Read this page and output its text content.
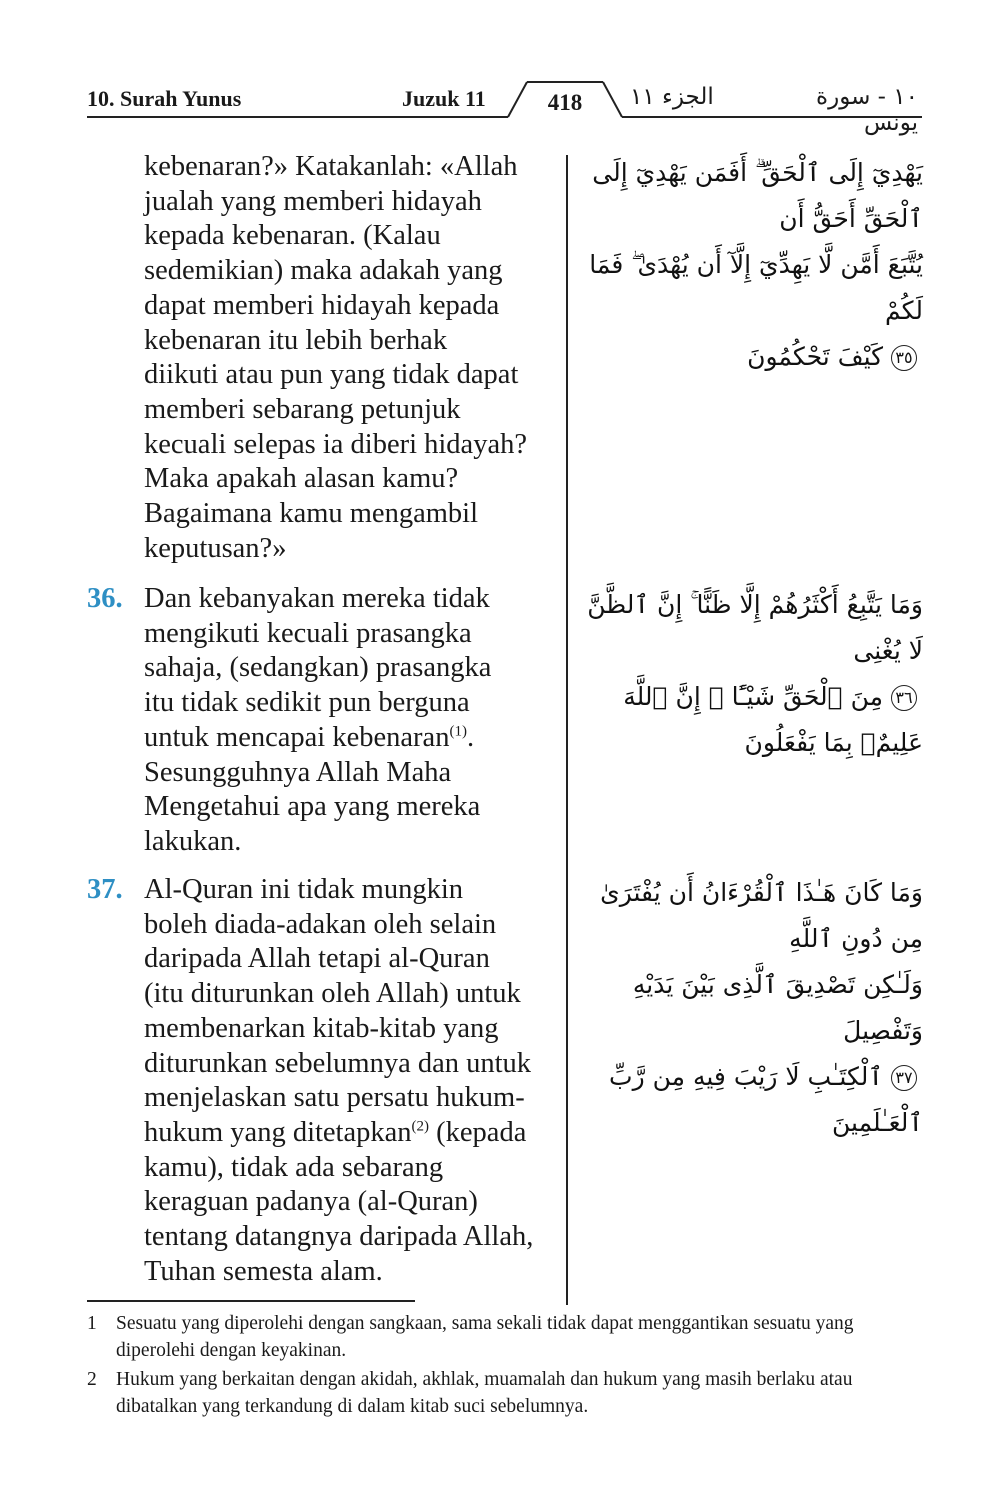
10. Surah Yunus	Juzuk 11	418	الجزء ١١	١٠ - سورة يونس
kebenaran?» Katakanlah: «Allah
jualah yang memberi hidayah
kepada kebenaran. (Kalau
sedemikian) maka adakah yang
dapat memberi hidayah kepada
kebenaran itu lebih berhak
diikuti atau pun yang tidak dapat
memberi sebarang petunjuk
kecuali selepas ia diberi hidayah?
Maka apakah alasan kamu?
Bagaimana kamu mengambil
keputusan?»
يَهْدِيٓ إِلَى ٱلْحَقِّ ۗ أَفَمَن يَهْدِيٓ إِلَى ٱلْحَقِّ أَحَقُّ أَن
يُتَّبَعَ أَمَّن لَّا يَهِدِّيٓ إِلَّآ أَن يُهْدَىٰ ۖ فَمَا لَكُمْ
٣٥ كَيْفَ تَحْكُمُونَ
36. Dan kebanyakan mereka tidak
mengikuti kecuali prasangka
sahaja, (sedangkan) prasangka
itu tidak sedikit pun berguna
untuk mencapai kebenaran$^{(1)}$.
Sesungguhnya Allah Maha
Mengetahui apa yang mereka
lakukan.
وَمَا يَتَّبِعُ أَكْثَرُهُمْ إِلَّا ظَنًّا ۚ إِنَّ ٱلظَّنَّ لَا يُغْنِى
٣٦ مِنَ ٱلْحَقِّ شَيْـًٔا ۚ إِنَّ ٱللَّهَ عَلِيمٌۢ بِمَا يَفْعَلُونَ
37. Al-Quran ini tidak mungkin
boleh diada-adakan oleh selain
daripada Allah tetapi al-Quran
(itu diturunkan oleh Allah) untuk
membenarkan kitab-kitab yang
diturunkan sebelumnya dan untuk
menjelaskan satu persatu hukum-
hukum yang ditetapkan$^{(2)}$ (kepada
kamu), tidak ada sebarang
keraguan padanya (al-Quran)
tentang datangnya daripada Allah,
Tuhan semesta alam.
وَمَا كَانَ هَـٰذَا ٱلْقُرْءَانُ أَن يُفْتَرَىٰ مِن دُونِ ٱللَّهِ
وَلَـٰكِن تَصْدِيقَ ٱلَّذِى بَيْنَ يَدَيْهِ وَتَفْصِيلَ
٣٧ ٱلْكِتَـٰبِ لَا رَيْبَ فِيهِ مِن رَّبِّ ٱلْعَـٰلَمِينَ
1 Sesuatu yang diperolehi dengan sangkaan, sama sekali tidak dapat menggantikan sesuatu yang diperolehi dengan keyakinan.
2 Hukum yang berkaitan dengan akidah, akhlak, muamalah dan hukum yang masih berlaku atau dibatalkan yang terkandung di dalam kitab suci sebelumnya.
